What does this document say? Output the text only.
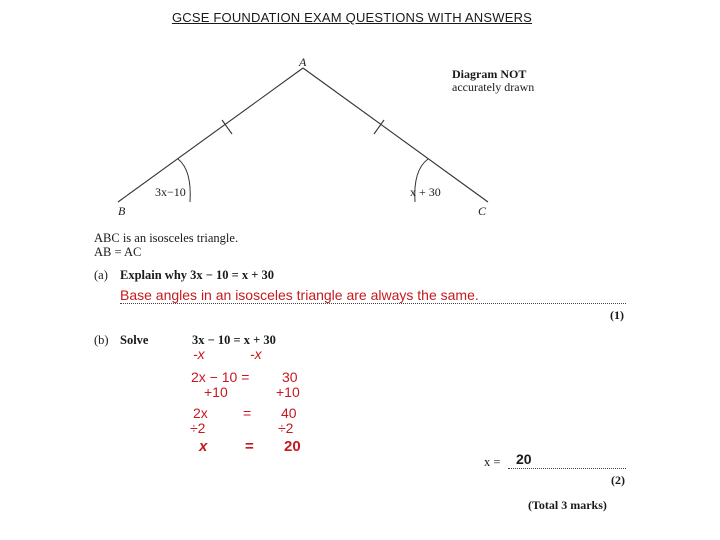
GCSE FOUNDATION EXAM QUESTIONS WITH ANSWERS
A
B	C
3x−10	x + 30
Diagram NOT
accurately drawn
ABC is an isosceles triangle.
AB = AC
(a) Explain why 3x − 10 = x + 30
Base angles in an isosceles triangle are always the same.
(1)
(b) Solve	3x − 10 = x + 30
-x	-x
2x − 10 = 30
+10	+10
2x	= 40
÷2	÷2
x	= 20
x = 20
(2)
(Total 3 marks)
